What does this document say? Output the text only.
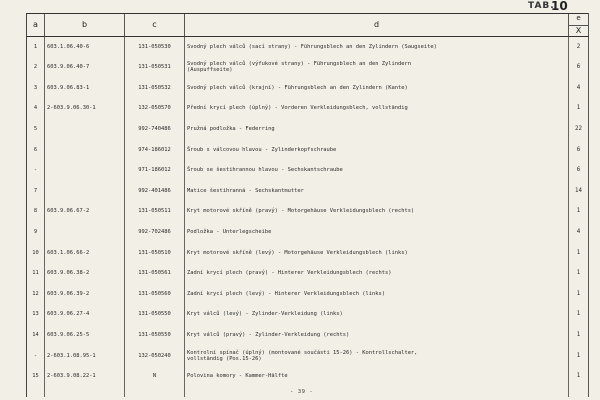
TAB.
10
a	b	c	d	e
X

1	603.1.06.40-6	131-050530	Svodný plech válců (sací strany) - Führungsblech an den Zylindern (Saugseite)	2
2	603.9.06.40-7	131-050531	Svodný plech válců (výfukové strany) - Führungsblech an den Zylindern
(Auspuffseite)	6
3	603.9.06.83-1	131-050532	Svodný plech válců (krajní) - Führungsblech an den Zylindern (Kante)	4
4	2-603.9.06.30-1	132-050570	Přední krycí plech (úplný) - Vorderen Verkleidungsblech, vollständig	1
5		992-740486	Pružná podložka - Federring	22
6		974-186012	Šroub s válcovou hlavou - Zylinderkopfschraube	6
-		971-186012	Šroub se šestihrannou hlavou - Sechskantschraube	6
7		992-401486	Matice šestihranná - Sechskantmutter	14
8	603.9.06.67-2	131-050511	Kryt motorové skříně (pravý) - Motorgehäuse Verkleidungsblech (rechts)	1
9		992-702486	Podložka - Unterlegscheibe	4
10	603.1.06.66-2	131-050510	Kryt motorové skříně (levý) - Motorgehäuse Verkleidungsblech (links)	1
11	603.9.06.38-2	131-050561	Zadní krycí plech (pravý) - Hinterer Verkleidungsblech (rechts)	1
12	603.9.06.39-2	131-050560	Zadní krycí plech (levý) - Hinterer Verkleidungsblech (links)	1
13	603.9.06.27-4	131-050550	Kryt válců (levý) - Zylinder-Verkleidung (links)	1
14	603.9.06.25-5	131-050550	Kryt válců (pravý) - Zylinder-Verkleidung (rechts)	1
-	2-603.1.08.95-1	132-050240	Kontrolní spínač (úplný) (montované součásti 15-26) - Kontrollschalter,
vollständig (Pos.15-26)	1
15	2-603.9.08.22-1	N	Polovina komory - Kammer-Hälfte	1

- 39 -
